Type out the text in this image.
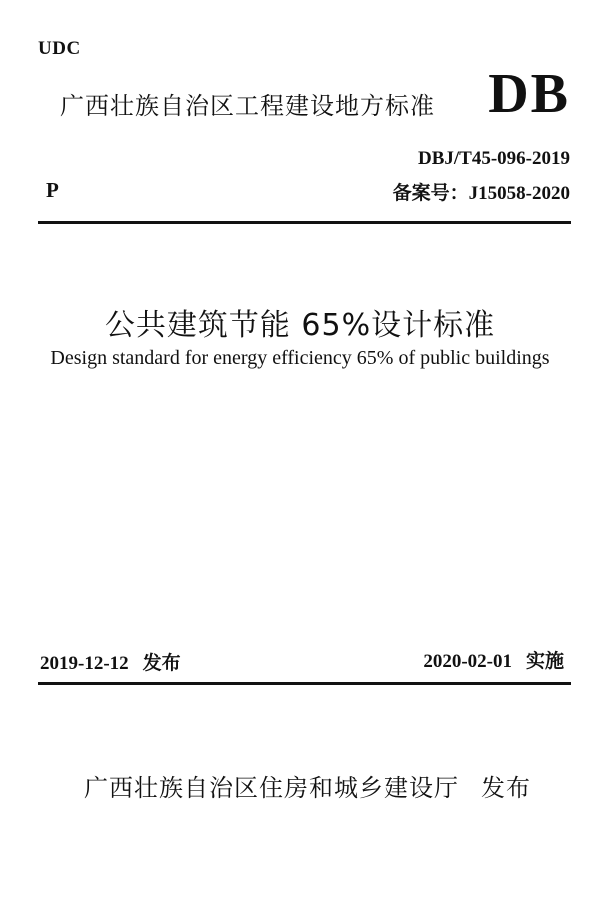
UDC
广西壮族自治区工程建设地方标准 DB
DBJ/T45-096-2019
P	备案号：J15058-2020
公共建筑节能 65%设计标准
Design standard for energy efficiency 65% of public buildings
2019-12-12 发布	2020-02-01 实施
广西壮族自治区住房和城乡建设厅 发布
